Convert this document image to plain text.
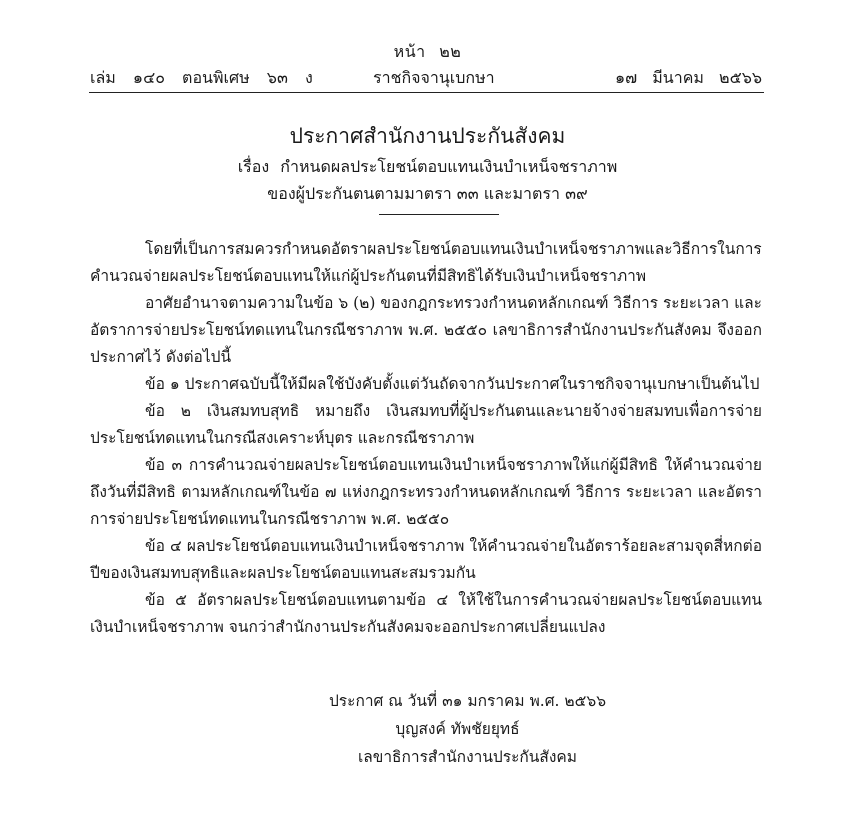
หน้า ๒๒
เล่ม ๑๔๐ ตอนพิเศษ ๖๓ ง	ราชกิจจานุเบกษา	๑๗ มีนาคม ๒๕๖๖
ประกาศสำนักงานประกันสังคม
เรื่อง กำหนดผลประโยชน์ตอบแทนเงินบำเหน็จชราภาพ
ของผู้ประกันตนตามมาตรา ๓๓ และมาตรา ๓๙

โดยที่เป็นการสมควรกำหนดอัตราผลประโยชน์ตอบแทนเงินบำเหน็จชราภาพและวิธีการในการคำนวณจ่ายผลประโยชน์ตอบแทนให้แก่ผู้ประกันตนที่มีสิทธิได้รับเงินบำเหน็จชราภาพ

อาศัยอำนาจตามความในข้อ ๖ (๒) ของกฎกระทรวงกำหนดหลักเกณฑ์ วิธีการ ระยะเวลา และอัตราการจ่ายประโยชน์ทดแทนในกรณีชราภาพ พ.ศ. ๒๕๕๐ เลขาธิการสำนักงานประกันสังคม จึงออกประกาศไว้ ดังต่อไปนี้

ข้อ ๑ ประกาศฉบับนี้ให้มีผลใช้บังคับตั้งแต่วันถัดจากวันประกาศในราชกิจจานุเบกษาเป็นต้นไป

ข้อ ๒ เงินสมทบสุทธิ หมายถึง เงินสมทบที่ผู้ประกันตนและนายจ้างจ่ายสมทบเพื่อการจ่ายประโยชน์ทดแทนในกรณีสงเคราะห์บุตร และกรณีชราภาพ

ข้อ ๓ การคำนวณจ่ายผลประโยชน์ตอบแทนเงินบำเหน็จชราภาพให้แก่ผู้มีสิทธิ ให้คำนวณจ่ายถึงวันที่มีสิทธิ ตามหลักเกณฑ์ในข้อ ๗ แห่งกฎกระทรวงกำหนดหลักเกณฑ์ วิธีการ ระยะเวลา และอัตราการจ่ายประโยชน์ทดแทนในกรณีชราภาพ พ.ศ. ๒๕๕๐

ข้อ ๔ ผลประโยชน์ตอบแทนเงินบำเหน็จชราภาพ ให้คำนวณจ่ายในอัตราร้อยละสามจุดสี่หกต่อปีของเงินสมทบสุทธิและผลประโยชน์ตอบแทนสะสมรวมกัน

ข้อ ๕ อัตราผลประโยชน์ตอบแทนตามข้อ ๔ ให้ใช้ในการคำนวณจ่ายผลประโยชน์ตอบแทนเงินบำเหน็จชราภาพ จนกว่าสำนักงานประกันสังคมจะออกประกาศเปลี่ยนแปลง

ประกาศ ณ วันที่ ๓๑ มกราคม พ.ศ. ๒๕๖๖
บุญสงค์ ทัพชัยยุทธ์
เลขาธิการสำนักงานประกันสังคม
